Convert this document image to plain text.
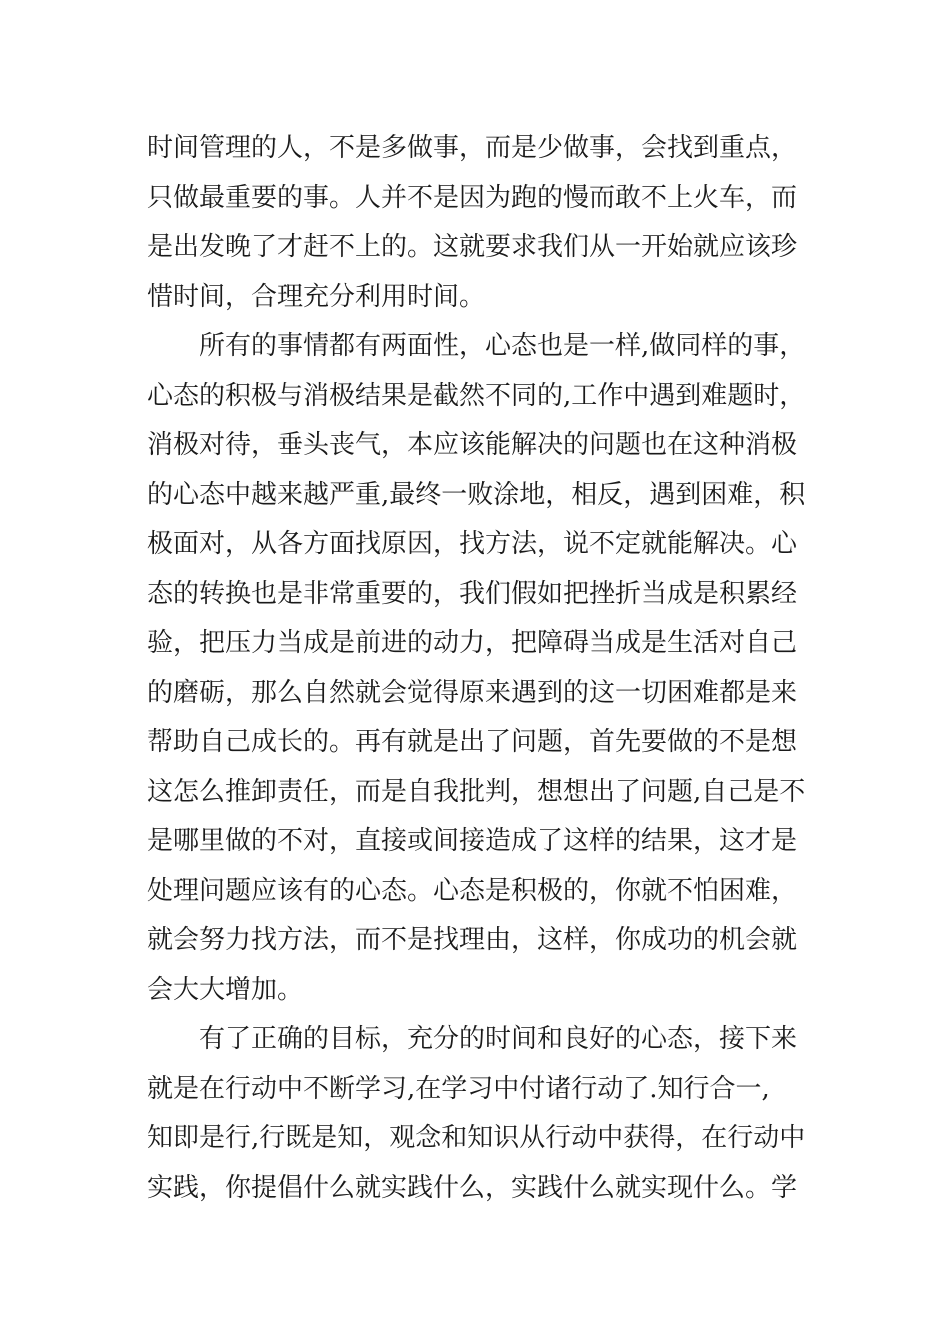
时间管理的人，不是多做事，而是少做事，会找到重点，
只做最重要的事。人并不是因为跑的慢而敢不上火车，而
是出发晚了才赶不上的。这就要求我们从一开始就应该珍
惜时间，合理充分利用时间。
所有的事情都有两面性，心态也是一样,做同样的事，
心态的积极与消极结果是截然不同的,工作中遇到难题时，
消极对待，垂头丧气，本应该能解决的问题也在这种消极
的心态中越来越严重,最终一败涂地，相反，遇到困难，积
极面对，从各方面找原因，找方法，说不定就能解决。心
态的转换也是非常重要的，我们假如把挫折当成是积累经
验，把压力当成是前进的动力，把障碍当成是生活对自己
的磨砺，那么自然就会觉得原来遇到的这一切困难都是来
帮助自己成长的。再有就是出了问题，首先要做的不是想
这怎么推卸责任，而是自我批判，想想出了问题,自己是不
是哪里做的不对，直接或间接造成了这样的结果，这才是
处理问题应该有的心态。心态是积极的，你就不怕困难，
就会努力找方法，而不是找理由，这样，你成功的机会就
会大大增加。
有了正确的目标，充分的时间和良好的心态，接下来
就是在行动中不断学习,在学习中付诸行动了.知行合一,
知即是行,行既是知，观念和知识从行动中获得，在行动中
实践，你提倡什么就实践什么，实践什么就实现什么。学
